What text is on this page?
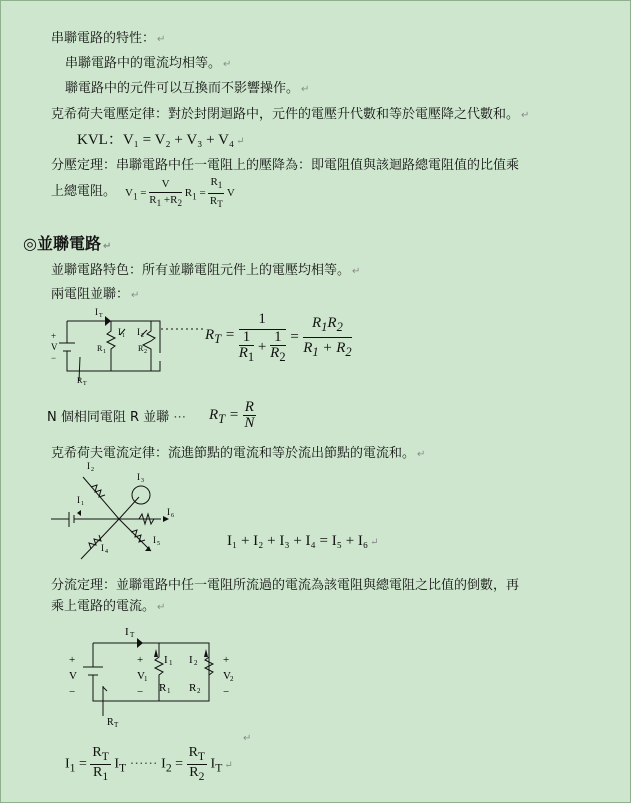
串聯電路的特性： ↵
串聯電路中的電流均相等。 ↵
聯電路中的元件可以互換而不影響操作。 ↵
克希荷夫電壓定律：對於封閉迴路中，元件的電壓升代數和等於電壓降之代數和。 ↵
KVL：V₁ = V₂ + V₃ + V₄ ↵
分壓定理：串聯電路中任一電阻上的壓降為：即電阻值與該迴路總電阻值的比值乘
上總電阻。 $V_1 = \frac{V}{R_1 +R_2} R_1 = \frac{R_1}{R_T}$ V
◎並聯電路 ↵
並聯電路特色：所有並聯電阻元件上的電壓均相等。 ↵
兩電阻並聯： ↵
+
V
−
I T
I 1 I 2
R 1	R 2
R T
$R_T = \frac{1}{\frac{1}{R_1} + \frac{1}{R_2}} = \frac{R_1R_2}{R_1 + R_2}$
N 個相同電阻 R 並聯 ⋯ $R_T = \frac{R}{N}$
克希荷夫電流定律：流進節點的電流和等於流出節點的電流和。 ↵
I 2
I 3
I 1
I 6
I 5
I 4
I₁ + I₂ + I₃ + I₄ = I₅ + I₆ ↵
分流定理：並聯電路中任一電阻所流過的電流為該電阻與總電阻之比值的倒數，再
乘上電路的電流。 ↵
I T
+
V
−
+
V 1
−
I 1
R 1
I 2
R 2
+
V 2
−
R T
↵
$I_1 = \frac{R_T}{R_1} I_T$ ⋯⋯ $I_2 = \frac{R_T}{R_2} I_T$ ↵
